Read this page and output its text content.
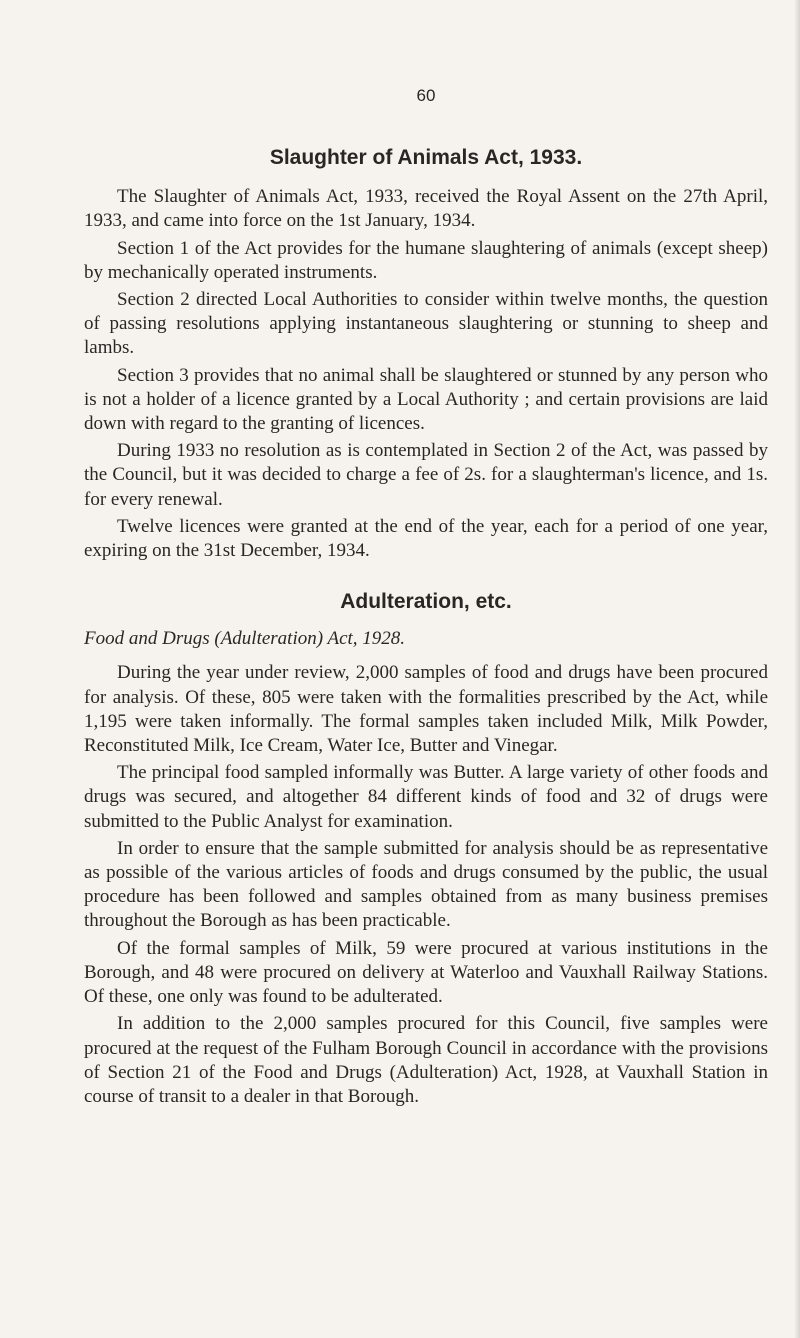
60
Slaughter of Animals Act, 1933.

The Slaughter of Animals Act, 1933, received the Royal Assent on the 27th April, 1933, and came into force on the 1st January, 1934.

Section 1 of the Act provides for the humane slaughtering of animals (except sheep) by mechanically operated instruments.

Section 2 directed Local Authorities to consider within twelve months, the question of passing resolutions applying instantaneous slaughtering or stunning to sheep and lambs.

Section 3 provides that no animal shall be slaughtered or stunned by any person who is not a holder of a licence granted by a Local Authority ; and certain provisions are laid down with regard to the granting of licences.

During 1933 no resolution as is contemplated in Section 2 of the Act, was passed by the Council, but it was decided to charge a fee of 2s. for a slaughterman's licence, and 1s. for every renewal.

Twelve licences were granted at the end of the year, each for a period of one year, expiring on the 31st December, 1934.

Adulteration, etc.

Food and Drugs (Adulteration) Act, 1928.

During the year under review, 2,000 samples of food and drugs have been procured for analysis. Of these, 805 were taken with the formalities prescribed by the Act, while 1,195 were taken informally. The formal samples taken included Milk, Milk Powder, Reconstituted Milk, Ice Cream, Water Ice, Butter and Vinegar.

The principal food sampled informally was Butter. A large variety of other foods and drugs was secured, and altogether 84 different kinds of food and 32 of drugs were submitted to the Public Analyst for examination.

In order to ensure that the sample submitted for analysis should be as representative as possible of the various articles of foods and drugs consumed by the public, the usual procedure has been followed and samples obtained from as many business premises throughout the Borough as has been practicable.

Of the formal samples of Milk, 59 were procured at various institutions in the Borough, and 48 were procured on delivery at Waterloo and Vauxhall Railway Stations. Of these, one only was found to be adulterated.

In addition to the 2,000 samples procured for this Council, five samples were procured at the request of the Fulham Borough Council in accordance with the provisions of Section 21 of the Food and Drugs (Adulteration) Act, 1928, at Vauxhall Station in course of transit to a dealer in that Borough.
